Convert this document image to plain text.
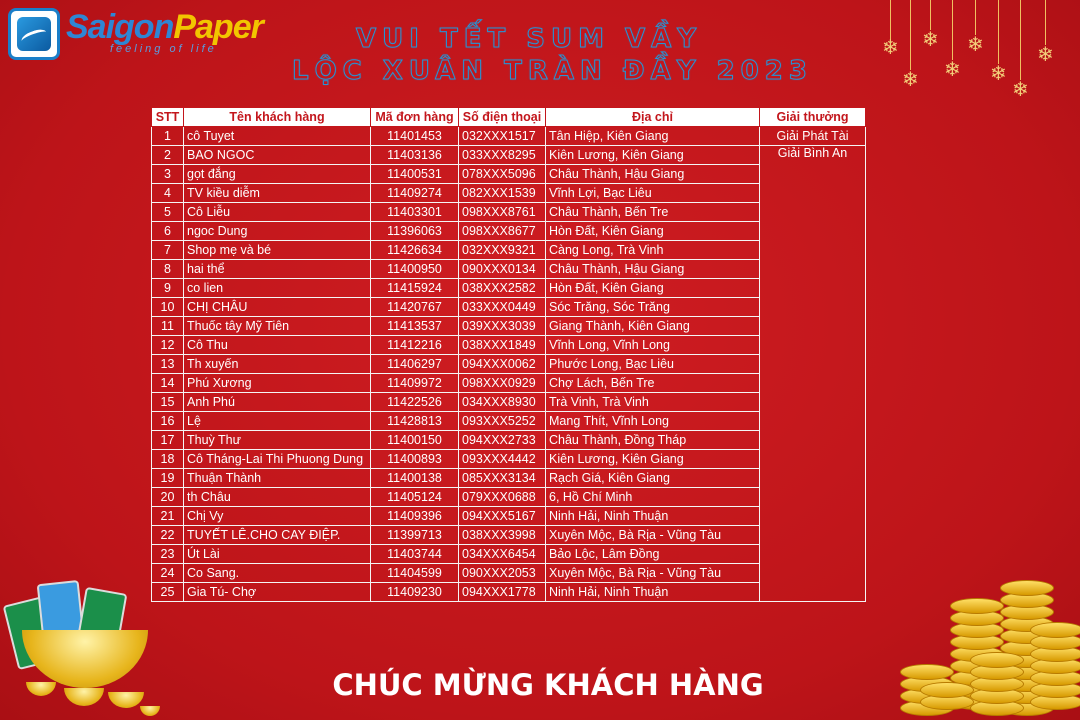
SaigonPaper
feeling of life	VUI TẾT SUM VẦY
LỘC XUÂN TRÀN ĐẦY 2023
❄
❄
❄
❄
❄
❄
❄
❄
STT	Tên khách hàng	Mã đơn hàng	Số điện thoại	Địa chỉ	Giải thưởng
1	cô Tuyet	11401453	032XXX1517	Tân Hiệp, Kiên Giang	Giải Phát Tài
2	BAO NGOC	11403136	033XXX8295	Kiên Lương, Kiên Giang	Giải Bình An
3	gọt đắng	11400531	078XXX5096	Châu Thành, Hậu Giang	
4	TV kiều diễm	11409274	082XXX1539	Vĩnh Lợi, Bạc Liêu	
5	Cô Liễu	11403301	098XXX8761	Châu Thành, Bến Tre	
6	ngoc Dung	11396063	098XXX8677	Hòn Đất, Kiên Giang	
7	Shop mẹ và bé	11426634	032XXX9321	Càng Long, Trà Vinh	
8	hai thể	11400950	090XXX0134	Châu Thành, Hậu Giang	
9	co lien	11415924	038XXX2582	Hòn Đất, Kiên Giang	
10	CHỊ CHÂU	11420767	033XXX0449	Sóc Trăng, Sóc Trăng	
11	Thuốc tây Mỹ Tiên	11413537	039XXX3039	Giang Thành, Kiên Giang	
12	Cô Thu	11412216	038XXX1849	Vĩnh Long, Vĩnh Long	
13	Th xuyến	11406297	094XXX0062	Phước Long, Bạc Liêu	
14	Phú Xương	11409972	098XXX0929	Chợ Lách, Bến Tre	
15	Anh Phú	11422526	034XXX8930	Trà Vinh, Trà Vinh	
16	Lệ	11428813	093XXX5252	Mang Thít, Vĩnh Long	
17	Thuỳ Thư	11400150	094XXX2733	Châu Thành, Đồng Tháp	
18	Cô Tháng-Lai Thi Phuong Dung	11400893	093XXX4442	Kiên Lương, Kiên Giang	
19	Thuận Thành	11400138	085XXX3134	Rạch Giá, Kiên Giang	
20	th Châu	11405124	079XXX0688	6, Hồ Chí Minh	
21	Chị Vy	11409396	094XXX5167	Ninh Hải, Ninh Thuận	
22	TUYẾT LÊ.CHO CAY ĐIỆP.	11399713	038XXX3998	Xuyên Mộc, Bà Rịa - Vũng Tàu	
23	Út Lài	11403744	034XXX6454	Bảo Lộc, Lâm Đồng	
24	Co Sang.	11404599	090XXX2053	Xuyên Mộc, Bà Rịa - Vũng Tàu	
25	Gia Tú- Chợ	11409230	094XXX1778	Ninh Hải, Ninh Thuận	
CHÚC MỪNG KHÁCH HÀNG
